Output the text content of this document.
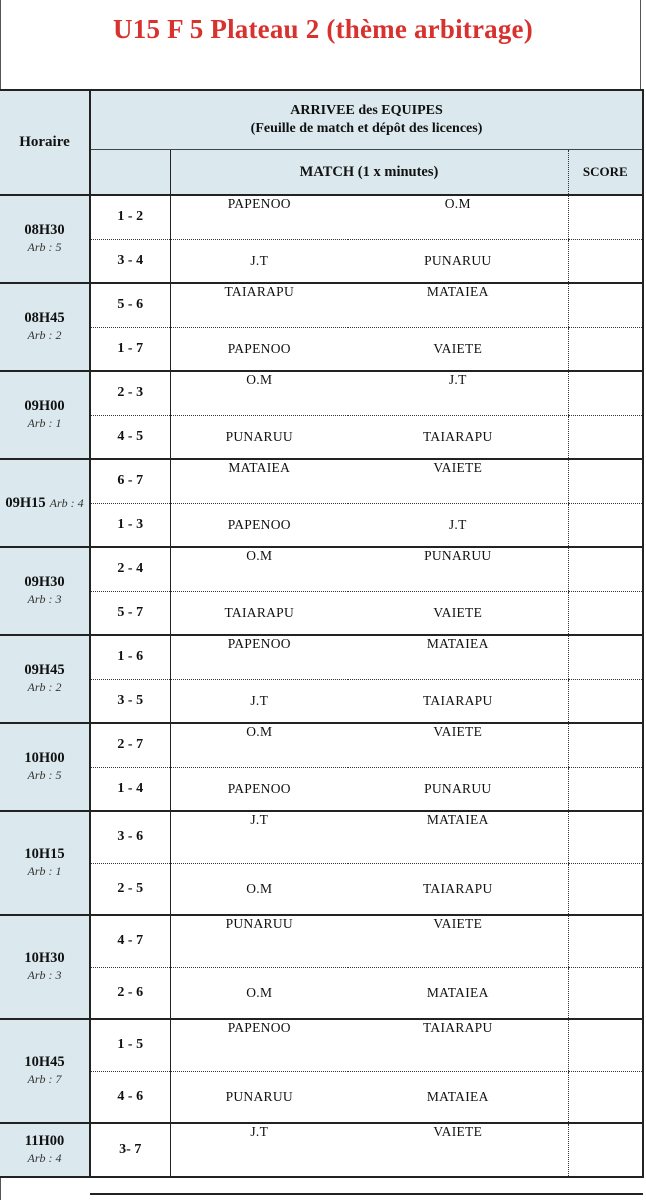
U15 F 5 Plateau 2 (thème arbitrage)
Horaire	ARRIVEE des EQUIPES
(Feuille de match et dépôt des licences)			

		MATCH (1 x minutes)		SCORE

08H30
Arb : 5	1 - 2	PAPENOO	O.M	
	3 - 4	J.T	PUNARUU	

08H45
Arb : 2	5 - 6	TAIARAPU	MATAIEA	
	1 - 7	PAPENOO	VAIETE	

09H00
Arb : 1	2 - 3	O.M	J.T	
	4 - 5	PUNARUU	TAIARAPU	
09H15 Arb : 4	6 - 7	MATAIEA	VAIETE	
	1 - 3	PAPENOO	J.T	

09H30
Arb : 3	2 - 4	O.M	PUNARUU	
	5 - 7	TAIARAPU	VAIETE	

09H45
Arb : 2	1 - 6	PAPENOO	MATAIEA	
	3 - 5	J.T	TAIARAPU	

10H00
Arb : 5	2 - 7	O.M	VAIETE	
	1 - 4	PAPENOO	PUNARUU	

10H15
Arb : 1	3 - 6	J.T	MATAIEA	
	2 - 5	O.M	TAIARAPU	

10H30
Arb : 3	4 - 7	PUNARUU	VAIETE	
	2 - 6	O.M	MATAIEA	

10H45
Arb : 7	1 - 5	PAPENOO	TAIARAPU	
	4 - 6	PUNARUU	MATAIEA	

11H00
Arb : 4	3- 7	J.T	VAIETE	
